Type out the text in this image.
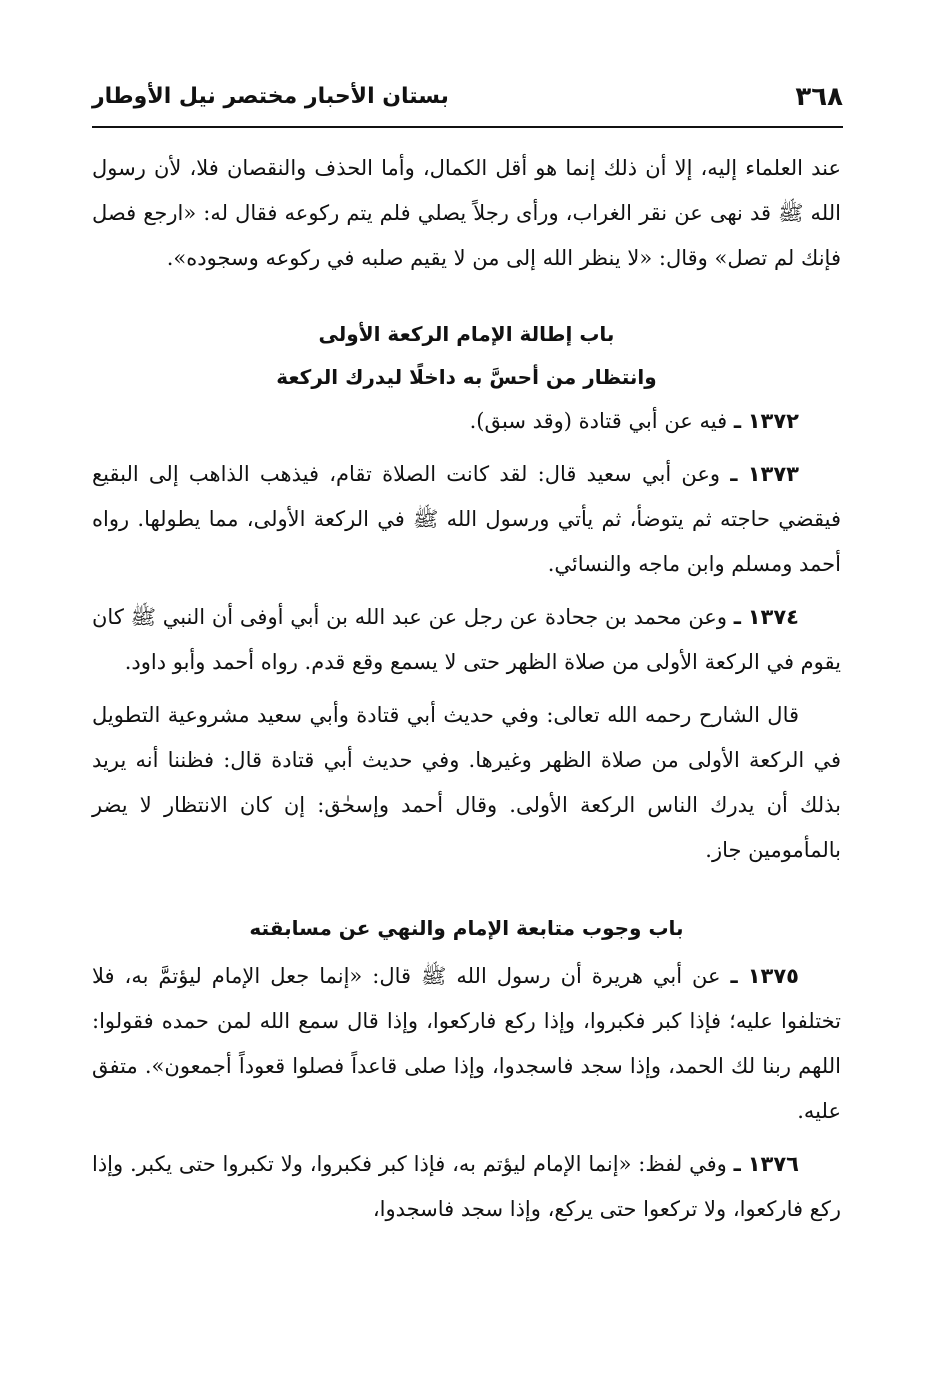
٣٦٨
بستان الأحبار مختصر نيل الأوطار

عند العلماء إليه، إلا أن ذلك إنما هو أقل الكمال، وأما الحذف والنقصان فلا، لأن رسول الله ﷺ قد نهى عن نقر الغراب، ورأى رجلاً يصلي فلم يتم ركوعه فقال له: «ارجع فصل فإنك لم تصل» وقال: «لا ينظر الله إلى من لا يقيم صلبه في ركوعه وسجوده».

باب إطالة الإمام الركعة الأولى
وانتظار من أحسَّ به داخلًا ليدرك الركعة

١٣٧٢ ـ فيه عن أبي قتادة (وقد سبق).

١٣٧٣ ـ وعن أبي سعيد قال: لقد كانت الصلاة تقام، فيذهب الذاهب إلى البقيع فيقضي حاجته ثم يتوضأ، ثم يأتي ورسول الله ﷺ في الركعة الأولى، مما يطولها. رواه أحمد ومسلم وابن ماجه والنسائي.

١٣٧٤ ـ وعن محمد بن جحادة عن رجل عن عبد الله بن أبي أوفى أن النبي ﷺ كان يقوم في الركعة الأولى من صلاة الظهر حتى لا يسمع وقع قدم. رواه أحمد وأبو داود.

قال الشارح رحمه الله تعالى: وفي حديث أبي قتادة وأبي سعيد مشروعية التطويل في الركعة الأولى من صلاة الظهر وغيرها. وفي حديث أبي قتادة قال: فظننا أنه يريد بذلك أن يدرك الناس الركعة الأولى. وقال أحمد وإسحٰق: إن كان الانتظار لا يضر بالمأمومين جاز.

باب وجوب متابعة الإمام والنهي عن مسابقته

١٣٧٥ ـ عن أبي هريرة أن رسول الله ﷺ قال: «إنما جعل الإمام ليؤتمَّ به، فلا تختلفوا عليه؛ فإذا كبر فكبروا، وإذا ركع فاركعوا، وإذا قال سمع الله لمن حمده فقولوا: اللهم ربنا لك الحمد، وإذا سجد فاسجدوا، وإذا صلى قاعداً فصلوا قعوداً أجمعون». متفق عليه.

١٣٧٦ ـ وفي لفظ: «إنما الإمام ليؤتم به، فإذا كبر فكبروا، ولا تكبروا حتى يكبر. وإذا ركع فاركعوا، ولا تركعوا حتى يركع، وإذا سجد فاسجدوا،
